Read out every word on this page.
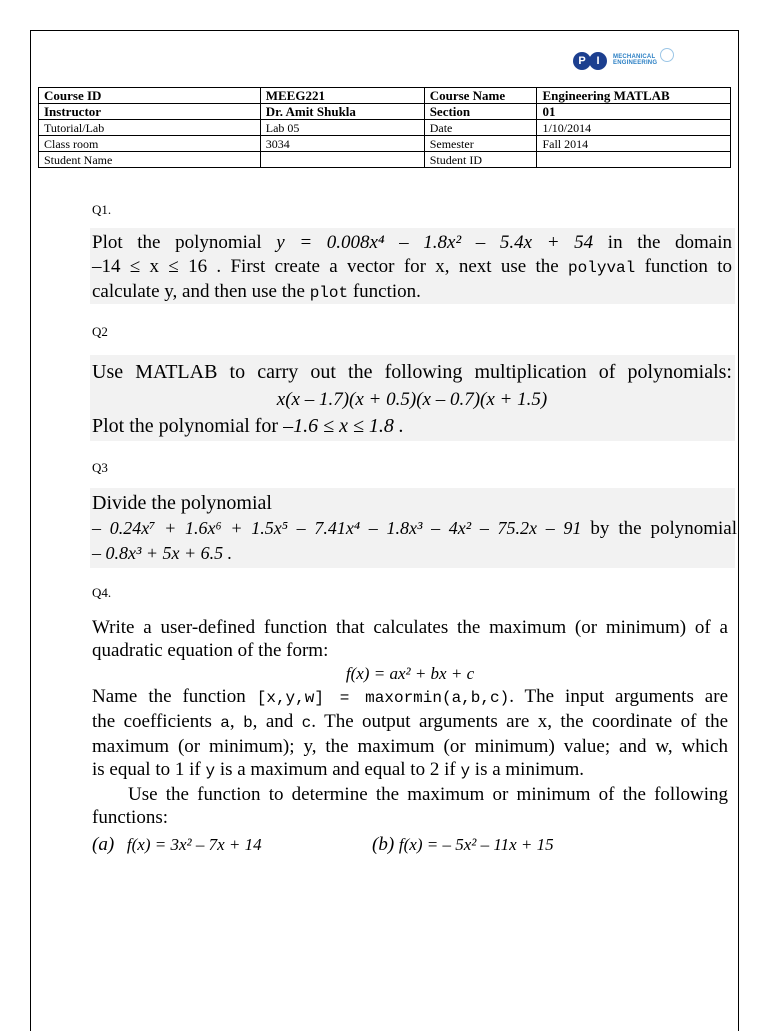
P I	MECHANICAL
ENGINEERING
Course ID	MEEG221	Course Name	Engineering MATLAB
Instructor	Dr. Amit Shukla	Section	01
Tutorial/Lab	Lab 05	Date	1/10/2014
Class room	3034	Semester	Fall 2014
Student Name		Student ID	
Q1.
Plot the polynomial y = 0.008x⁴ – 1.8x² – 5.4x + 54 in the domain
–14 ≤ x ≤ 16 . First create a vector for x, next use the polyval function to
calculate y, and then use the plot function.
Q2
Use MATLAB to carry out the following multiplication of polynomials:
x(x – 1.7)(x + 0.5)(x – 0.7)(x + 1.5)
Plot the polynomial for –1.6 ≤ x ≤ 1.8 .
Q3
Divide the polynomial
– 0.24x⁷ + 1.6x⁶ + 1.5x⁵ – 7.41x⁴ – 1.8x³ – 4x² – 75.2x – 91 by the polynomial
– 0.8x³ + 5x + 6.5 .
Q4.
Write a user-defined function that calculates the maximum (or minimum) of a
quadratic equation of the form:
f(x) = ax² + bx + c
Name the function [x,y,w] = maxormin(a,b,c). The input arguments are
the coefficients a, b, and c. The output arguments are x, the coordinate of the
maximum (or minimum); y, the maximum (or minimum) value; and w, which
is equal to 1 if y is a maximum and equal to 2 if y is a minimum.
Use the function to determine the maximum or minimum of the following
functions:
(a) f(x) = 3x² – 7x + 14	(b) f(x) = – 5x² – 11x + 15
